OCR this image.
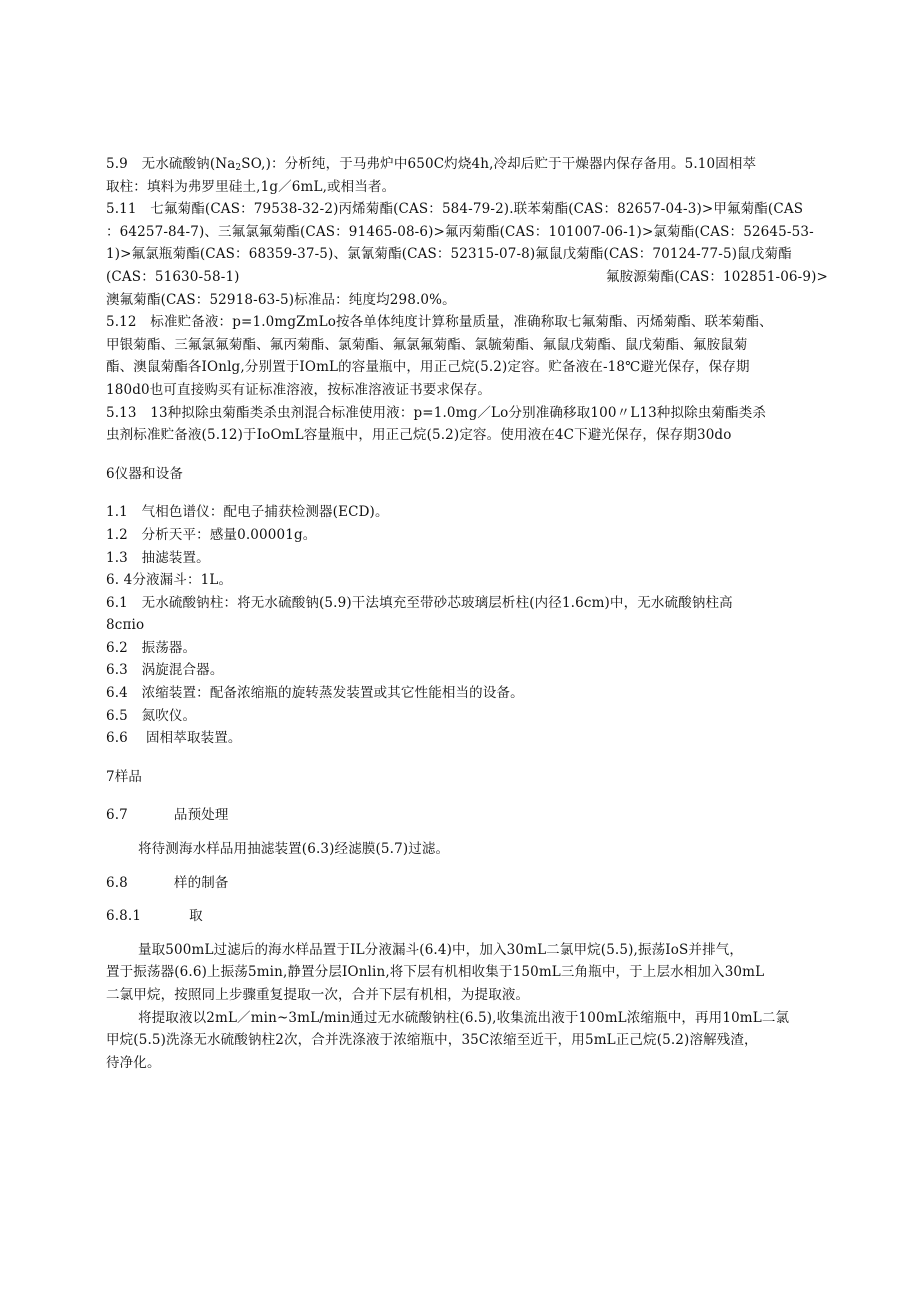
5.9　无水硫酸钠$(Na_2SO,)$：分析纯，于马弗炉中650C灼烧4h,冷却后贮于干燥器内保存备用。5.10固相萃
取柱：填料为弗罗里硅土,1g／6mL,或相当者。
5.11　七氟菊酯(CAS：79538-32-2)丙烯菊酯(CAS：584-79-2).联苯菊酯(CAS：82657-04-3)>甲氟菊酯(CAS
：64257-84-7)、三氟氯氟菊酯(CAS：91465-08-6)>氟丙菊酯(CAS：101007-06-1)>氯菊酯(CAS：52645-53-
1)>氟氯瓶菊酯(CAS：68359-37-5)、氯氰菊酯(CAS：52315-07-8)氟鼠戊菊酯(CAS：70124-77-5)鼠戊菊酯
(CAS：51630-58-1)	氟胺源菊酯(CAS：102851-06-9)>
澳氟菊酯(CAS：52918-63-5)标准品：纯度均298.0%。
5.12　标准贮备液：p=1.0mgZmLo按各单体纯度计算称量质量，准确称取七氟菊酯、丙烯菊酯、联苯菊酯、
甲银菊酯、三氟氯氟菊酯、氟丙菊酯、氯菊酯、氟氯氟菊酯、氯毓菊酯、氟鼠戊菊酯、鼠戊菊酯、氟胺鼠菊
酯、澳鼠菊酯各IOnlg,分别置于IOmL的容量瓶中，用正己烷(5.2)定容。贮备液在-18℃避光保存，保存期
180d0也可直接购买有证标准溶液，按标准溶液证书要求保存。
5.13　13种拟除虫菊酯类杀虫剂混合标准使用液：p=1.0mg／Lo分别准确移取100〃L13种拟除虫菊酯类杀
虫剂标准贮备液(5.12)于IoOmL容量瓶中，用正己烷(5.2)定容。使用液在4C下避光保存，保存期30do
6仪器和设备
1.1　气相色谱仪：配电子捕获检测器(ECD)。
1.2　分析天平：感量0.00001g。
1.3　抽滤装置。
6. 4分液漏斗：1L。
6.1　无水硫酸钠柱：将无水硫酸钠(5.9)干法填充至带砂芯玻璃层析柱(内径1.6cm)中，无水硫酸钠柱高
8cπio
6.2　振荡器。
6.3　涡旋混合器。
6.4　浓缩装置：配备浓缩瓶的旋转蒸发装置或其它性能相当的设备。
6.5　氮吹仪。
6.6　 固相萃取装置。
7样品
6.7	品预处理
将待测海水样品用抽滤装置(6.3)经滤膜(5.7)过滤。
6.8	样的制备
6.8.1	取
量取500mL过滤后的海水样品置于IL分液漏斗(6.4)中，加入30mL二氯甲烷(5.5),振荡IoS并排气，
置于振荡器(6.6)上振荡5min,静置分层IOnlin,将下层有机相收集于150mL三角瓶中，于上层水相加入30mL
二氯甲烷，按照同上步骤重复提取一次，合并下层有机相，为提取液。
将提取液以2mL／min~3mL/min通过无水硫酸钠柱(6.5),收集流出液于100mL浓缩瓶中，再用10mL二氯
甲烷(5.5)洗涤无水硫酸钠柱2次，合并洗涤液于浓缩瓶中，35C浓缩至近干，用5mL正己烷(5.2)溶解残渣，
待净化。
